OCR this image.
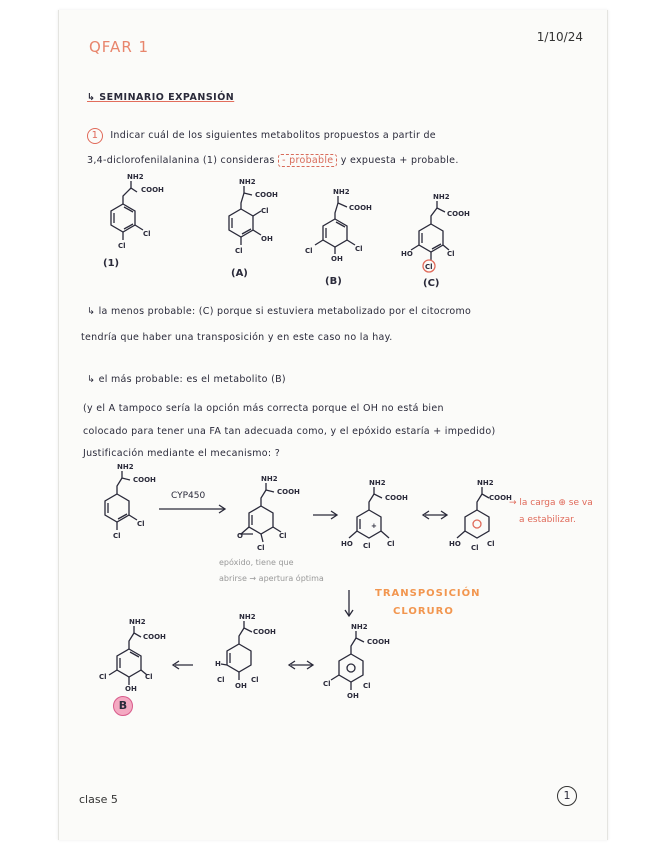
QFAR 1
1/10/24
↳ SEMINARIO EXPANSIÓN
1 Indicar cuál de los siguientes metabolitos propuestos a partir de
3,4-diclorofenilalanina (1) consideras - probable y expuesta + probable.
NH2
COOH
Cl
Cl
(1)
NH2
COOH
Cl
OH
Cl
(A)
NH2
COOH
Cl
OH
Cl
(B)
NH2
COOH
HO	Cl
Cl
(C)
↳ la menos probable: (C) porque si estuviera metabolizado por el citocromo
tendría que haber una transposición y en este caso no la hay.
↳ el más probable: es el metabolito (B)
(y el A tampoco sería la opción más correcta porque el OH no está bien
colocado para tener una FA tan adecuada como, y el epóxido estaría + impedido)
Justificación mediante el mecanismo: ?
NH2
COOH
Cl
Cl
CYP450
NH2
COOH
O	Cl
Cl
NH2
COOH
+
HO	Cl
Cl
NH2
COOH
HO	Cl
Cl
→ la carga ⊕ se va
a estabilizar.
epóxido, tiene que
abrirse → apertura óptima
TRANSPOSICIÓN
CLORURO
NH2
COOH
Cl
OH
Cl
NH2
COOH
H
OH
Cl	Cl
NH2
COOH
Cl	Cl
OH
B
clase 5	1
